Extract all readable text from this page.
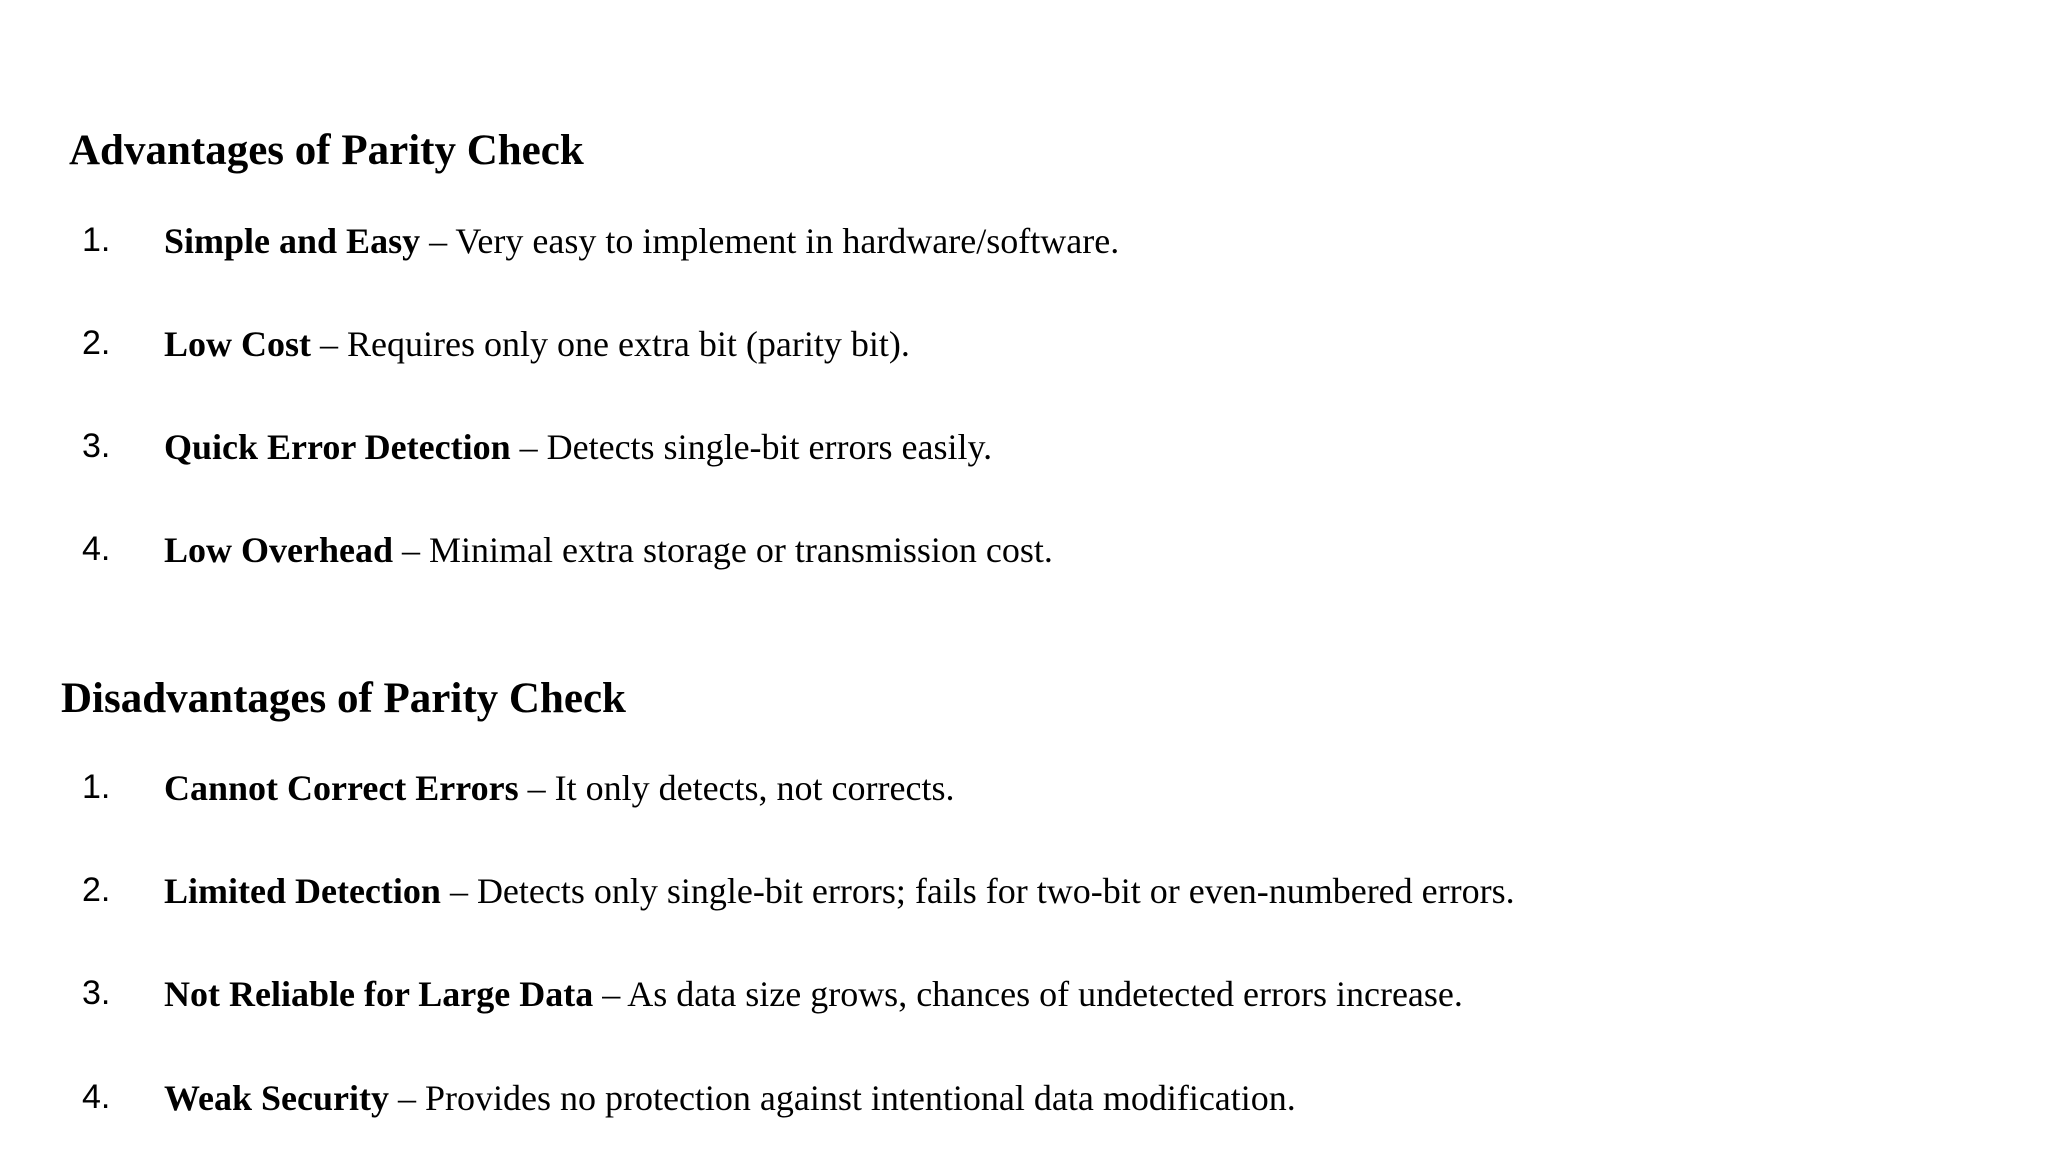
Advantages of Parity Check
1. Simple and Easy – Very easy to implement in hardware/software.
2. Low Cost – Requires only one extra bit (parity bit).
3. Quick Error Detection – Detects single-bit errors easily.
4. Low Overhead – Minimal extra storage or transmission cost.
Disadvantages of Parity Check
1. Cannot Correct Errors – It only detects, not corrects.
2. Limited Detection – Detects only single-bit errors; fails for two-bit or even-numbered errors.
3. Not Reliable for Large Data – As data size grows, chances of undetected errors increase.
4. Weak Security – Provides no protection against intentional data modification.
